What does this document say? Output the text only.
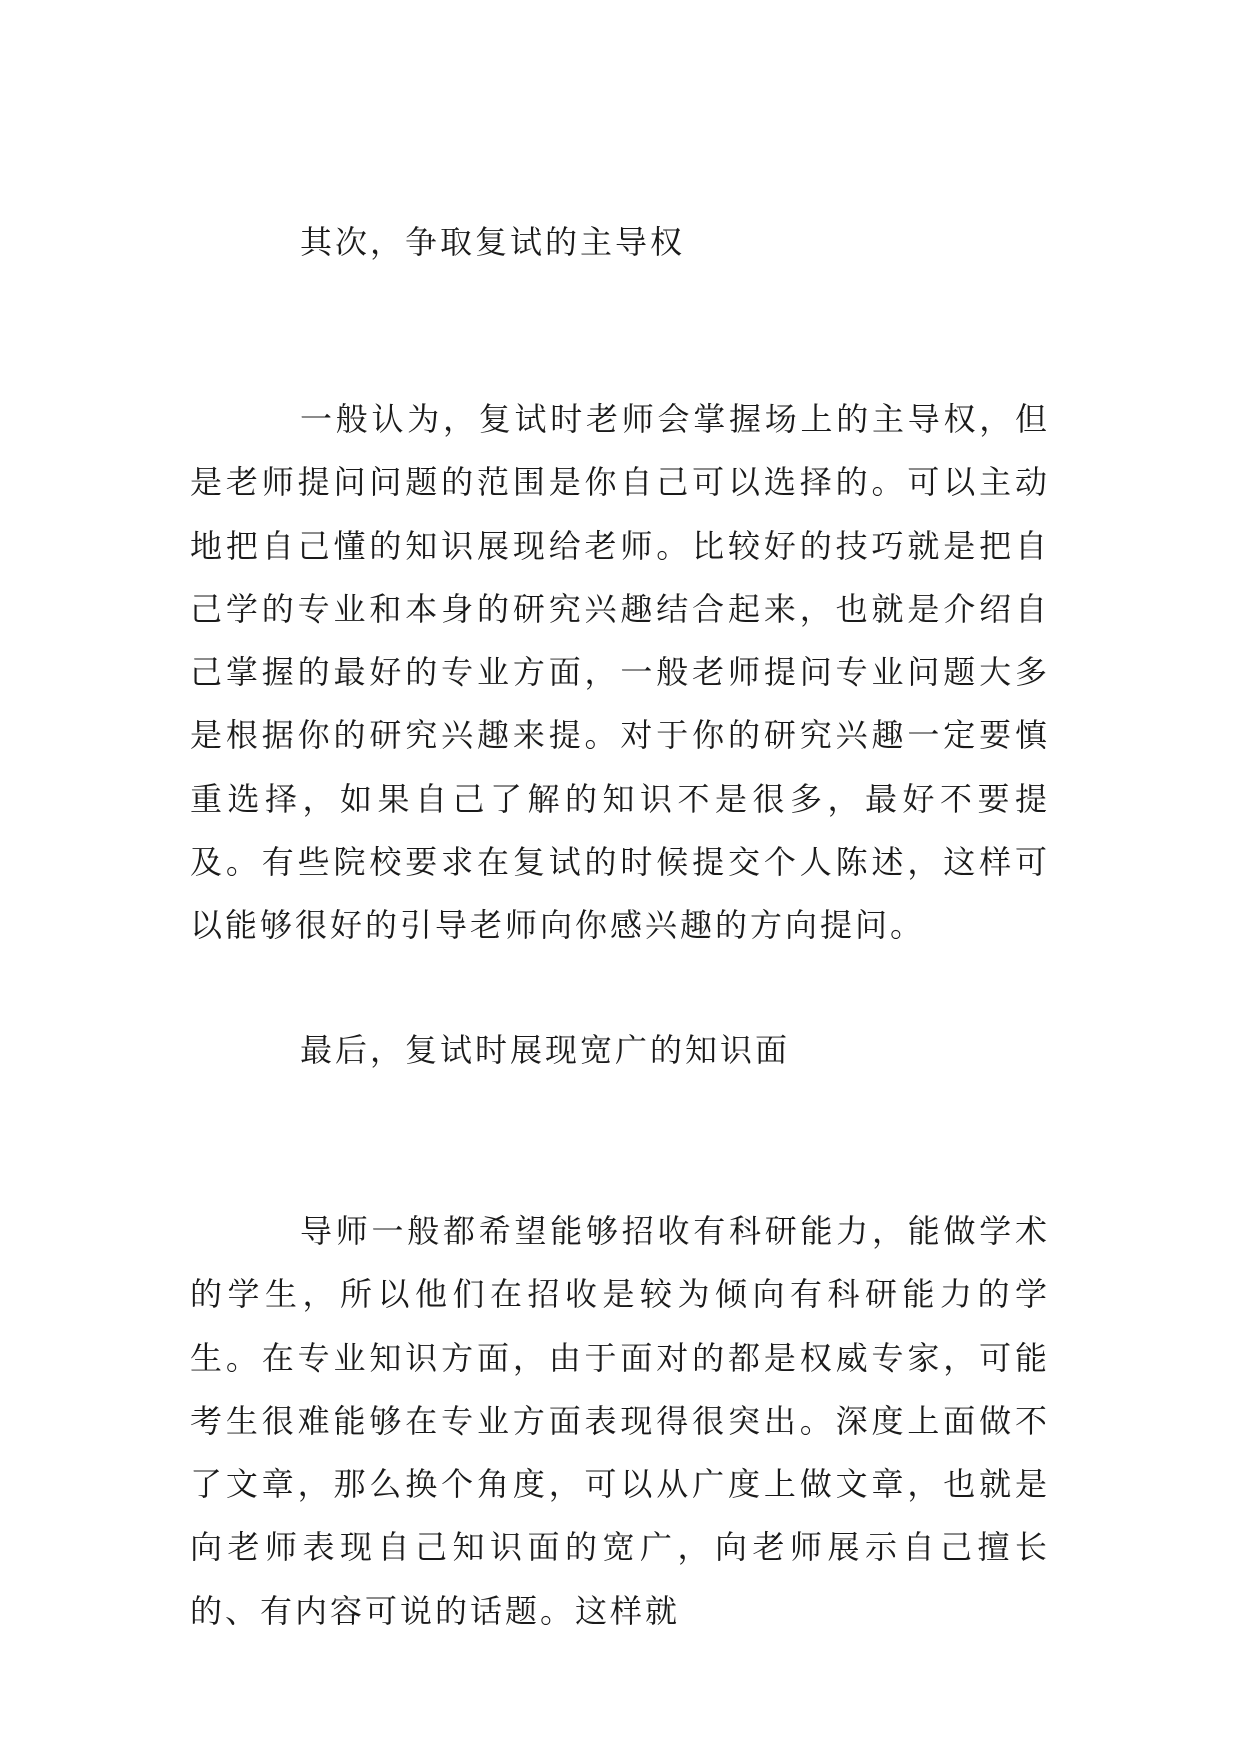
其次，争取复试的主导权

一般认为，复试时老师会掌握场上的主导权，但是老师提问问题的范围是你自己可以选择的。可以主动地把自己懂的知识展现给老师。比较好的技巧就是把自己学的专业和本身的研究兴趣结合起来，也就是介绍自己掌握的最好的专业方面，一般老师提问专业问题大多是根据你的研究兴趣来提。对于你的研究兴趣一定要慎重选择，如果自己了解的知识不是很多，最好不要提及。有些院校要求在复试的时候提交个人陈述，这样可以能够很好的引导老师向你感兴趣的方向提问。

最后，复试时展现宽广的知识面

导师一般都希望能够招收有科研能力，能做学术的学生，所以他们在招收是较为倾向有科研能力的学生。在专业知识方面，由于面对的都是权威专家，可能考生很难能够在专业方面表现得很突出。深度上面做不了文章，那么换个角度，可以从广度上做文章，也就是向老师表现自己知识面的宽广，向老师展示自己擅长的、有内容可说的话题。这样就
